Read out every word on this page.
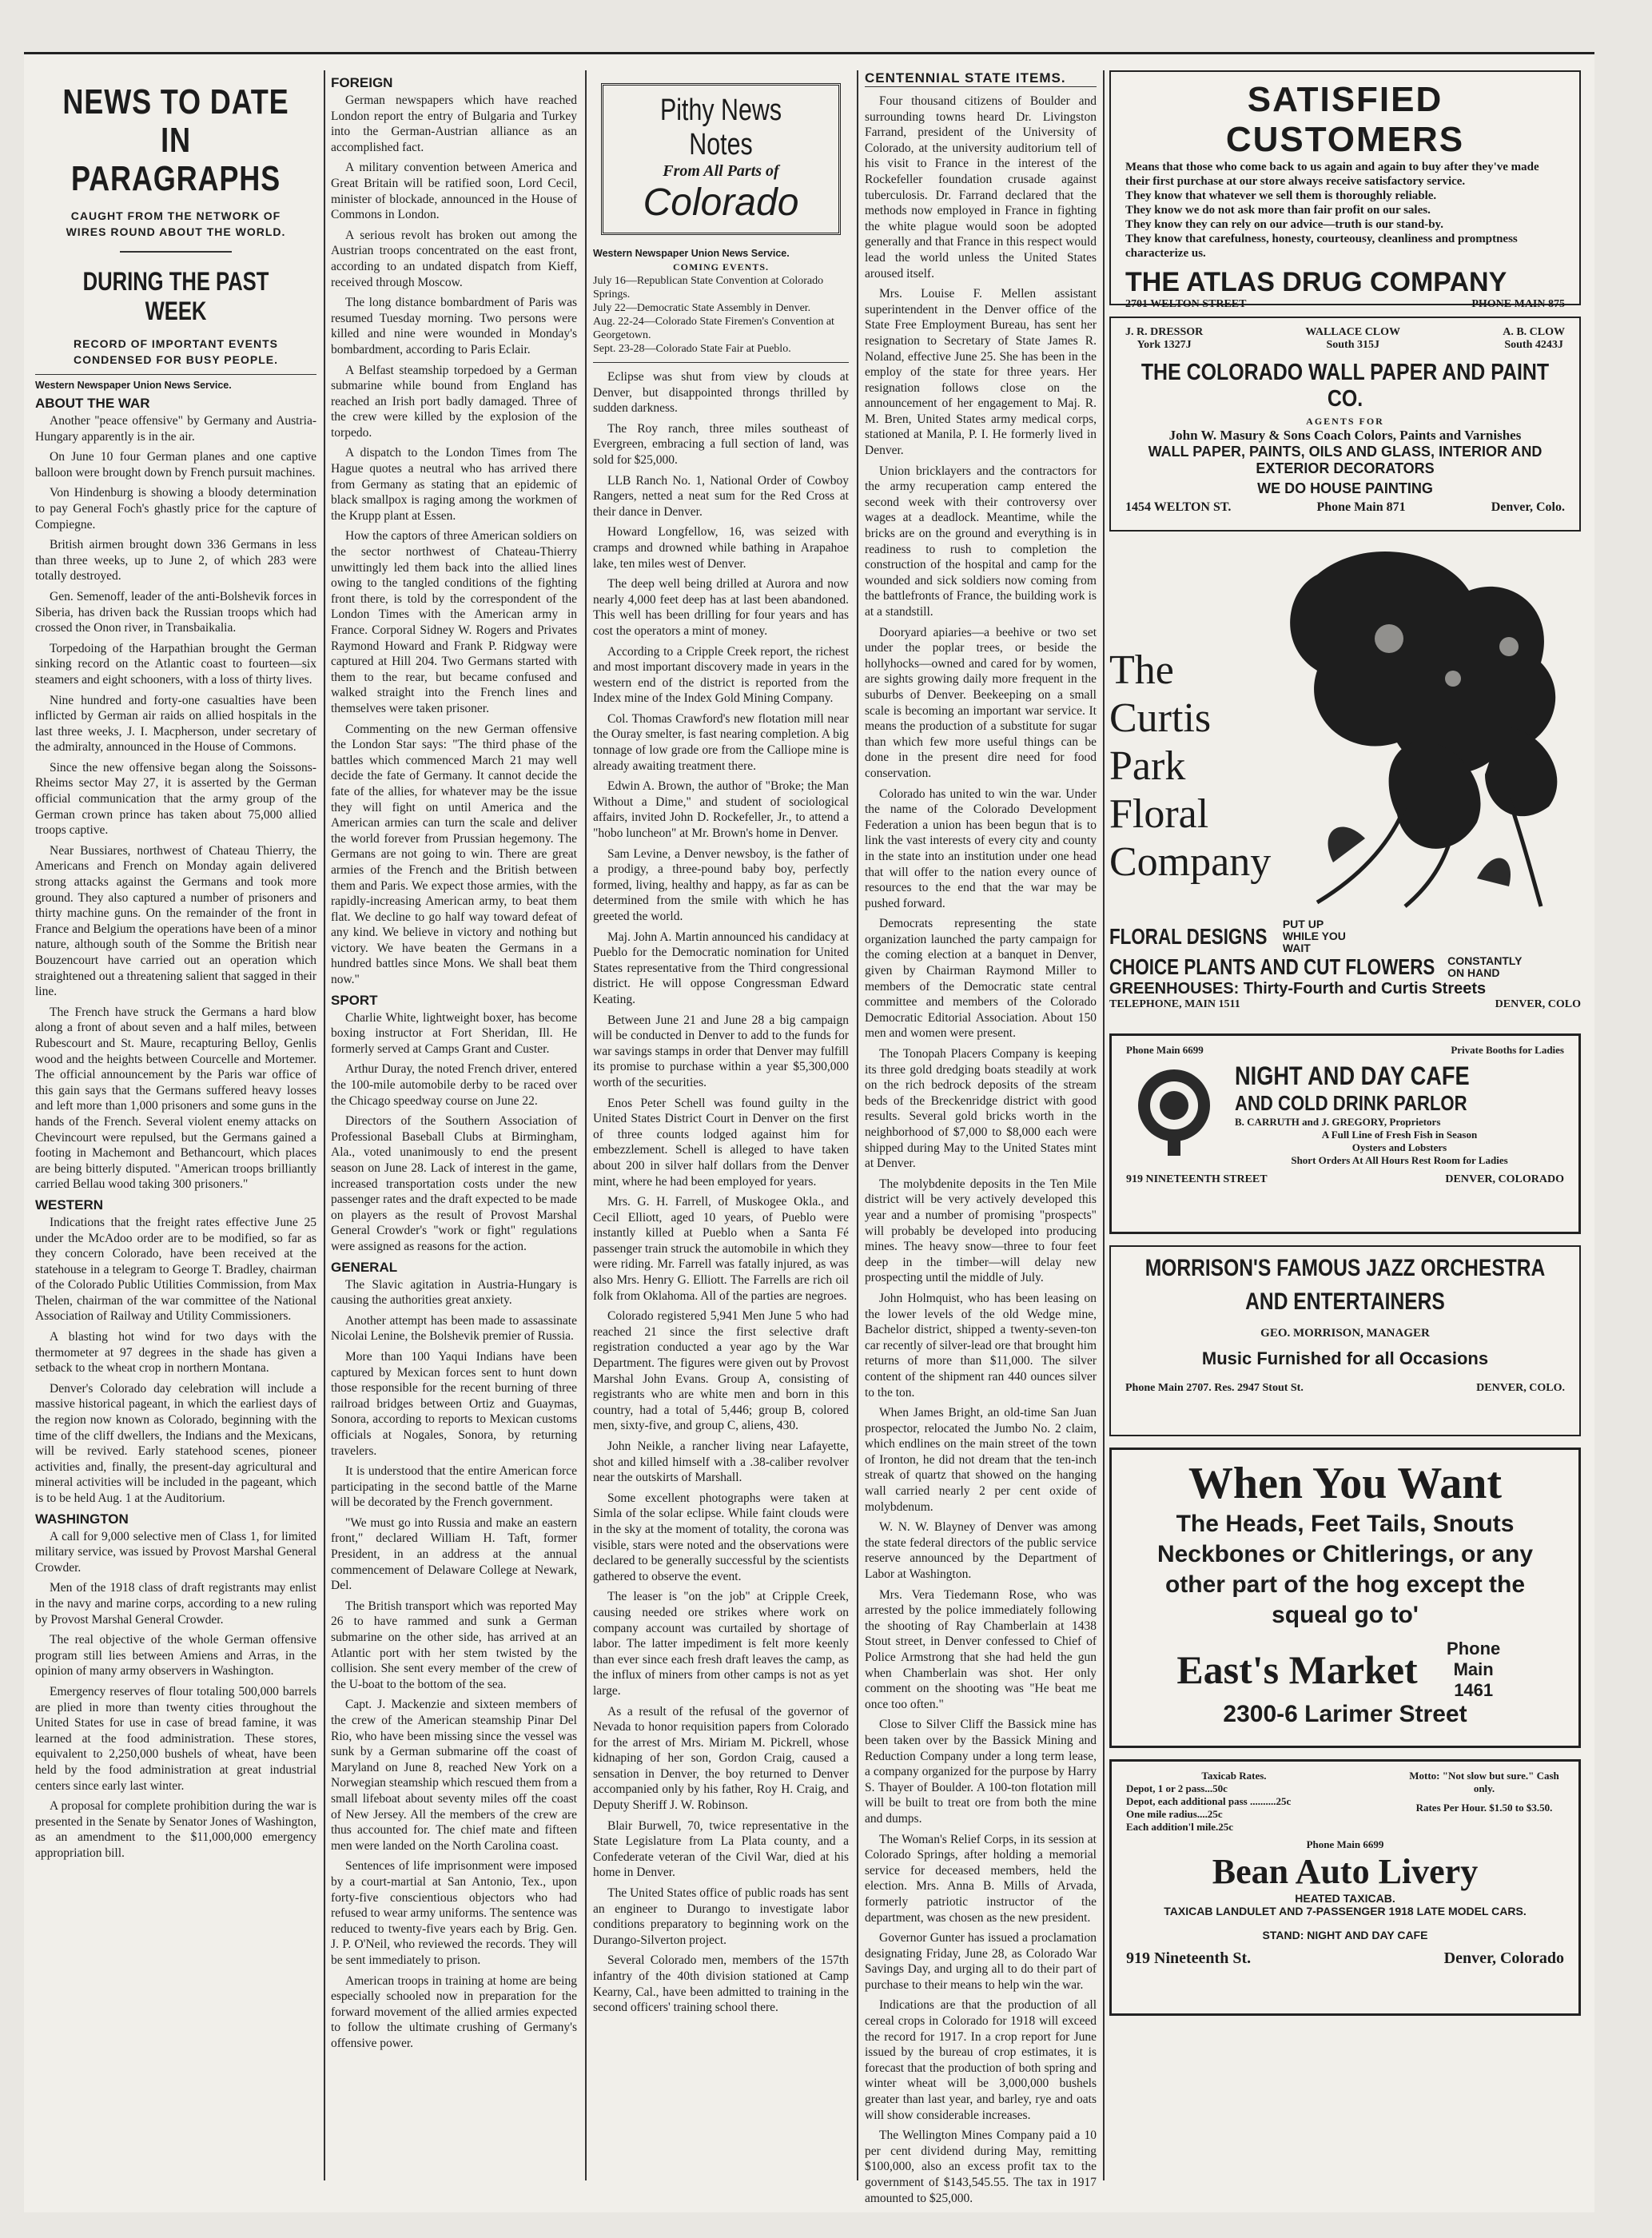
NEWS TO DATE IN PARAGRAPHS
CAUGHT FROM THE NETWORK OF WIRES ROUND ABOUT THE WORLD.
DURING THE PAST WEEK
RECORD OF IMPORTANT EVENTS CONDENSED FOR BUSY PEOPLE.
Western Newspaper Union News Service.
ABOUT THE WAR

Another "peace offensive" by Germany and Austria-Hungary apparently is in the air.

On June 10 four German planes and one captive balloon were brought down by French pursuit machines.

Von Hindenburg is showing a bloody determination to pay General Foch's ghastly price for the capture of Compiegne.

British airmen brought down 336 Germans in less than three weeks, up to June 2, of which 283 were totally destroyed.

Gen. Semenoff, leader of the anti-Bolshevik forces in Siberia, has driven back the Russian troops which had crossed the Onon river, in Transbaikalia.

Torpedoing of the Harpathian brought the German sinking record on the Atlantic coast to fourteen—six steamers and eight schooners, with a loss of thirty lives.

Nine hundred and forty-one casualties have been inflicted by German air raids on allied hospitals in the last three weeks, J. I. Macpherson, under secretary of the admiralty, announced in the House of Commons.

Since the new offensive began along the Soissons-Rheims sector May 27, it is asserted by the German official communication that the army group of the German crown prince has taken about 75,000 allied troops captive.

Near Bussiares, northwest of Chateau Thierry, the Americans and French on Monday again delivered strong attacks against the Germans and took more ground. They also captured a number of prisoners and thirty machine guns. On the remainder of the front in France and Belgium the operations have been of a minor nature, although south of the Somme the British near Bouzencourt have carried out an operation which straightened out a threatening salient that sagged in their line.

The French have struck the Germans a hard blow along a front of about seven and a half miles, between Rubescourt and St. Maure, recapturing Belloy, Genlis wood and the heights between Courcelle and Mortemer. The official announcement by the Paris war office of this gain says that the Germans suffered heavy losses and left more than 1,000 prisoners and some guns in the hands of the French. Several violent enemy attacks on Chevincourt were repulsed, but the Germans gained a footing in Machemont and Bethancourt, which places are being bitterly disputed. "American troops brilliantly carried Bellau wood taking 300 prisoners."

WESTERN

Indications that the freight rates effective June 25 under the McAdoo order are to be modified, so far as they concern Colorado, have been received at the statehouse in a telegram to George T. Bradley, chairman of the Colorado Public Utilities Commission, from Max Thelen, chairman of the war committee of the National Association of Railway and Utility Commissioners.

A blasting hot wind for two days with the thermometer at 97 degrees in the shade has given a setback to the wheat crop in northern Montana.

Denver's Colorado day celebration will include a massive historical pageant, in which the earliest days of the region now known as Colorado, beginning with the time of the cliff dwellers, the Indians and the Mexicans, will be revived. Early statehood scenes, pioneer activities and, finally, the present-day agricultural and mineral activities will be included in the pageant, which is to be held Aug. 1 at the Auditorium.

WASHINGTON

A call for 9,000 selective men of Class 1, for limited military service, was issued by Provost Marshal General Crowder.

Men of the 1918 class of draft registrants may enlist in the navy and marine corps, according to a new ruling by Provost Marshal General Crowder.

The real objective of the whole German offensive program still lies between Amiens and Arras, in the opinion of many army observers in Washington.

Emergency reserves of flour totaling 500,000 barrels are plied in more than twenty cities throughout the United States for use in case of bread famine, it was learned at the food administration. These stores, equivalent to 2,250,000 bushels of wheat, have been held by the food administration at great industrial centers since early last winter.

A proposal for complete prohibition during the war is presented in the Senate by Senator Jones of Washington, as an amendment to the $11,000,000 emergency appropriation bill.

FOREIGN

German newspapers which have reached London report the entry of Bulgaria and Turkey into the German-Austrian alliance as an accomplished fact.

A military convention between America and Great Britain will be ratified soon, Lord Cecil, minister of blockade, announced in the House of Commons in London.

A serious revolt has broken out among the Austrian troops concentrated on the east front, according to an undated dispatch from Kieff, received through Moscow.

The long distance bombardment of Paris was resumed Tuesday morning. Two persons were killed and nine were wounded in Monday's bombardment, according to Paris Eclair.

A Belfast steamship torpedoed by a German submarine while bound from England has reached an Irish port badly damaged. Three of the crew were killed by the explosion of the torpedo.

A dispatch to the London Times from The Hague quotes a neutral who has arrived there from Germany as stating that an epidemic of black smallpox is raging among the workmen of the Krupp plant at Essen.

How the captors of three American soldiers on the sector northwest of Chateau-Thierry unwittingly led them back into the allied lines owing to the tangled conditions of the fighting front there, is told by the correspondent of the London Times with the American army in France. Corporal Sidney W. Rogers and Privates Raymond Howard and Frank P. Ridgway were captured at Hill 204. Two Germans started with them to the rear, but became confused and walked straight into the French lines and themselves were taken prisoner.

Commenting on the new German offensive the London Star says: "The third phase of the battles which commenced March 21 may well decide the fate of Germany. It cannot decide the fate of the allies, for whatever may be the issue they will fight on until America and the American armies can turn the scale and deliver the world forever from Prussian hegemony. The Germans are not going to win. There are great armies of the French and the British between them and Paris. We expect those armies, with the rapidly-increasing American army, to beat them flat. We decline to go half way toward defeat of any kind. We believe in victory and nothing but victory. We have beaten the Germans in a hundred battles since Mons. We shall beat them now."

SPORT

Charlie White, lightweight boxer, has become boxing instructor at Fort Sheridan, Ill. He formerly served at Camps Grant and Custer.

Arthur Duray, the noted French driver, entered the 100-mile automobile derby to be raced over the Chicago speedway course on June 22.

Directors of the Southern Association of Professional Baseball Clubs at Birmingham, Ala., voted unanimously to end the present season on June 28. Lack of interest in the game, increased transportation costs under the new passenger rates and the draft expected to be made on players as the result of Provost Marshal General Crowder's "work or fight" regulations were assigned as reasons for the action.

GENERAL

The Slavic agitation in Austria-Hungary is causing the authorities great anxiety.

Another attempt has been made to assassinate Nicolai Lenine, the Bolshevik premier of Russia.

More than 100 Yaqui Indians have been captured by Mexican forces sent to hunt down those responsible for the recent burning of three railroad bridges between Ortiz and Guaymas, Sonora, according to reports to Mexican customs officials at Nogales, Sonora, by returning travelers.

It is understood that the entire American force participating in the second battle of the Marne will be decorated by the French government.

"We must go into Russia and make an eastern front," declared William H. Taft, former President, in an address at the annual commencement of Delaware College at Newark, Del.

The British transport which was reported May 26 to have rammed and sunk a German submarine on the other side, has arrived at an Atlantic port with her stem twisted by the collision. She sent every member of the crew of the U-boat to the bottom of the sea.

Capt. J. Mackenzie and sixteen members of the crew of the American steamship Pinar Del Rio, who have been missing since the vessel was sunk by a German submarine off the coast of Maryland on June 8, reached New York on a Norwegian steamship which rescued them from a small lifeboat about seventy miles off the coast of New Jersey. All the members of the crew are thus accounted for. The chief mate and fifteen men were landed on the North Carolina coast.

Sentences of life imprisonment were imposed by a court-martial at San Antonio, Tex., upon forty-five conscientious objectors who had refused to wear army uniforms. The sentence was reduced to twenty-five years each by Brig. Gen. J. P. O'Neil, who reviewed the records. They will be sent immediately to prison.

American troops in training at home are being especially schooled now in preparation for the forward movement of the allied armies expected to follow the ultimate crushing of Germany's offensive power.

Pithy News Notes
From All Parts of
Colorado
Western Newspaper Union News Service.
COMING EVENTS.
July 16—Republican State Convention at Colorado Springs.
July 22—Democratic State Assembly in Denver.
Aug. 22-24—Colorado State Firemen's Convention at Georgetown.
Sept. 23-28—Colorado State Fair at Pueblo.

Eclipse was shut from view by clouds at Denver, but disappointed throngs thrilled by sudden darkness.

The Roy ranch, three miles southeast of Evergreen, embracing a full section of land, was sold for $25,000.

LLB Ranch No. 1, National Order of Cowboy Rangers, netted a neat sum for the Red Cross at their dance in Denver.

Howard Longfellow, 16, was seized with cramps and drowned while bathing in Arapahoe lake, ten miles west of Denver.

The deep well being drilled at Aurora and now nearly 4,000 feet deep has at last been abandoned. This well has been drilling for four years and has cost the operators a mint of money.

According to a Cripple Creek report, the richest and most important discovery made in years in the western end of the district is reported from the Index mine of the Index Gold Mining Company.

Col. Thomas Crawford's new flotation mill near the Ouray smelter, is fast nearing completion. A big tonnage of low grade ore from the Calliope mine is already awaiting treatment there.

Edwin A. Brown, the author of "Broke; the Man Without a Dime," and student of sociological affairs, invited John D. Rockefeller, Jr., to attend a "hobo luncheon" at Mr. Brown's home in Denver.

Sam Levine, a Denver newsboy, is the father of a prodigy, a three-pound baby boy, perfectly formed, living, healthy and happy, as far as can be determined from the smile with which he has greeted the world.

Maj. John A. Martin announced his candidacy at Pueblo for the Democratic nomination for United States representative from the Third congressional district. He will oppose Congressman Edward Keating.

Between June 21 and June 28 a big campaign will be conducted in Denver to add to the funds for war savings stamps in order that Denver may fulfill its promise to purchase within a year $5,300,000 worth of the securities.

Enos Peter Schell was found guilty in the United States District Court in Denver on the first of three counts lodged against him for embezzlement. Schell is alleged to have taken about 200 in silver half dollars from the Denver mint, where he had been employed for years.

Mrs. G. H. Farrell, of Muskogee Okla., and Cecil Elliott, aged 10 years, of Pueblo were instantly killed at Pueblo when a Santa Fé passenger train struck the automobile in which they were riding. Mr. Farrell was fatally injured, as was also Mrs. Henry G. Elliott. The Farrells are rich oil folk from Oklahoma. All of the parties are negroes.

Colorado registered 5,941 Men June 5 who had reached 21 since the first selective draft registration conducted a year ago by the War Department. The figures were given out by Provost Marshal John Evans. Group A, consisting of registrants who are white men and born in this country, had a total of 5,446; group B, colored men, sixty-five, and group C, aliens, 430.

John Neikle, a rancher living near Lafayette, shot and killed himself with a .38-caliber revolver near the outskirts of Marshall.

Some excellent photographs were taken at Simla of the solar eclipse. While faint clouds were in the sky at the moment of totality, the corona was visible, stars were noted and the observations were declared to be generally successful by the scientists gathered to observe the event.

The leaser is "on the job" at Cripple Creek, causing needed ore strikes where work on company account was curtailed by shortage of labor. The latter impediment is felt more keenly than ever since each fresh draft leaves the camp, as the influx of miners from other camps is not as yet large.

As a result of the refusal of the governor of Nevada to honor requisition papers from Colorado for the arrest of Mrs. Miriam M. Pickrell, whose kidnaping of her son, Gordon Craig, caused a sensation in Denver, the boy returned to Denver accompanied only by his father, Roy H. Craig, and Deputy Sheriff J. W. Robinson.

Blair Burwell, 70, twice representative in the State Legislature from La Plata county, and a Confederate veteran of the Civil War, died at his home in Denver.

The United States office of public roads has sent an engineer to Durango to investigate labor conditions preparatory to beginning work on the Durango-Silverton project.

Several Colorado men, members of the 157th infantry of the 40th division stationed at Camp Kearny, Cal., have been admitted to training in the second officers' training school there.

CENTENNIAL STATE ITEMS.

Four thousand citizens of Boulder and surrounding towns heard Dr. Livingston Farrand, president of the University of Colorado, at the university auditorium tell of his visit to France in the interest of the Rockefeller foundation crusade against tuberculosis. Dr. Farrand declared that the methods now employed in France in fighting the white plague would soon be adopted generally and that France in this respect would lead the world unless the United States aroused itself.

Mrs. Louise F. Mellen assistant superintendent in the Denver office of the State Free Employment Bureau, has sent her resignation to Secretary of State James R. Noland, effective June 25. She has been in the employ of the state for three years. Her resignation follows close on the announcement of her engagement to Maj. R. M. Bren, United States army medical corps, stationed at Manila, P. I. He formerly lived in Denver.

Union bricklayers and the contractors for the army recuperation camp entered the second week with their controversy over wages at a deadlock. Meantime, while the bricks are on the ground and everything is in readiness to rush to completion the construction of the hospital and camp for the wounded and sick soldiers now coming from the battlefronts of France, the building work is at a standstill.

Dooryard apiaries—a beehive or two set under the poplar trees, or beside the hollyhocks—owned and cared for by women, are sights growing daily more frequent in the suburbs of Denver. Beekeeping on a small scale is becoming an important war service. It means the production of a substitute for sugar than which few more useful things can be done in the present dire need for food conservation.

Colorado has united to win the war. Under the name of the Colorado Development Federation a union has been begun that is to link the vast interests of every city and county in the state into an institution under one head that will offer to the nation every ounce of resources to the end that the war may be pushed forward.

Democrats representing the state organization launched the party campaign for the coming election at a banquet in Denver, given by Chairman Raymond Miller to members of the Democratic state central committee and members of the Colorado Democratic Editorial Association. About 150 men and women were present.

The Tonopah Placers Company is keeping its three gold dredging boats steadily at work on the rich bedrock deposits of the stream beds of the Breckenridge district with good results. Several gold bricks worth in the neighborhood of $7,000 to $8,000 each were shipped during May to the United States mint at Denver.

The molybdenite deposits in the Ten Mile district will be very actively developed this year and a number of promising "prospects" will probably be developed into producing mines. The heavy snow—three to four feet deep in the timber—will delay new prospecting until the middle of July.

John Holmquist, who has been leasing on the lower levels of the old Wedge mine, Bachelor district, shipped a twenty-seven-ton car recently of silver-lead ore that brought him returns of more than $11,000. The silver content of the shipment ran 440 ounces silver to the ton.

When James Bright, an old-time San Juan prospector, relocated the Jumbo No. 2 claim, which endlines on the main street of the town of Ironton, he did not dream that the ten-inch streak of quartz that showed on the hanging wall carried nearly 2 per cent oxide of molybdenum.

W. N. W. Blayney of Denver was among the state federal directors of the public service reserve announced by the Department of Labor at Washington.

Mrs. Vera Tiedemann Rose, who was arrested by the police immediately following the shooting of Ray Chamberlain at 1438 Stout street, in Denver confessed to Chief of Police Armstrong that she had held the gun when Chamberlain was shot. Her only comment on the shooting was "He beat me once too often."

Close to Silver Cliff the Bassick mine has been taken over by the Bassick Mining and Reduction Company under a long term lease, a company organized for the purpose by Harry S. Thayer of Boulder. A 100-ton flotation mill will be built to treat ore from both the mine and dumps.

The Woman's Relief Corps, in its session at Colorado Springs, after holding a memorial service for deceased members, held the election. Mrs. Anna B. Mills of Arvada, formerly patriotic instructor of the department, was chosen as the new president.

Governor Gunter has issued a proclamation designating Friday, June 28, as Colorado War Savings Day, and urging all to do their part of purchase to their means to help win the war.

Indications are that the production of all cereal crops in Colorado for 1918 will exceed the record for 1917. In a crop report for June issued by the bureau of crop estimates, it is forecast that the production of both spring and winter wheat will be 3,000,000 bushels greater than last year, and barley, rye and oats will show considerable increases.

The Wellington Mines Company paid a 10 per cent dividend during May, remitting $100,000, also an excess profit tax to the government of $143,545.55. The tax in 1917 amounted to $25,000.

SATISFIED CUSTOMERS
Means that those who come back to us again and again to buy after they've made their first purchase at our store always receive satisfactory service.
They know that whatever we sell them is thoroughly reliable.
They know we do not ask more than fair profit on our sales.
They know they can rely on our advice—truth is our stand-by.
They know that carefulness, honesty, courteousy, cleanliness and promptness characterize us.
THE ATLAS DRUG COMPANY
2701 WELTON STREET	PHONE MAIN 875
J. R. DRESSOR
York 1327J
WALLACE CLOW
South 315J
A. B. CLOW
South 4243J
THE COLORADO WALL PAPER AND PAINT CO.
AGENTS FOR
John W. Masury & Sons Coach Colors, Paints and Varnishes
WALL PAPER, PAINTS, OILS AND GLASS, INTERIOR AND EXTERIOR DECORATORS
WE DO HOUSE PAINTING
1454 WELTON ST.	Phone Main 871	Denver, Colo.
The
Curtis
Park
Floral
Company
FLORAL DESIGNS PUT UP WHILE YOU WAIT
CHOICE PLANTS AND CUT FLOWERS CONSTANTLY ON HAND
GREENHOUSES: Thirty-Fourth and Curtis Streets
TELEPHONE, MAIN 1511	DENVER, COLO
Phone Main 6699	Private Booths for Ladies
NIGHT AND DAY CAFE
AND COLD DRINK PARLOR
B. CARRUTH and J. GREGORY, Proprietors
A Full Line of Fresh Fish in Season
Oysters and Lobsters
Short Orders At All Hours Rest Room for Ladies
919 NINETEENTH STREET	DENVER, COLORADO
MORRISON'S FAMOUS JAZZ ORCHESTRA
AND ENTERTAINERS
GEO. MORRISON, MANAGER
Music Furnished for all Occasions
Phone Main 2707. Res. 2947 Stout St.	DENVER, COLO.
When You Want
The Heads, Feet Tails, Snouts Neckbones or Chitlerings, or any other part of the hog except the squeal go to'
East's Market	Phone Main 1461
2300-6 Larimer Street
Taxicab Rates.
Depot, 1 or 2 pass...50c
Depot, each additional pass ..........25c
One mile radius....25c
Each addition'l mile.25c
Motto: "Not slow but sure." Cash only.
Rates Per Hour. $1.50 to $3.50.
Phone Main 6699
Bean Auto Livery
HEATED TAXICAB.
TAXICAB LANDULET AND 7-PASSENGER 1918 LATE MODEL CARS.
STAND: NIGHT AND DAY CAFE
919 Nineteenth St.	Denver, Colorado
